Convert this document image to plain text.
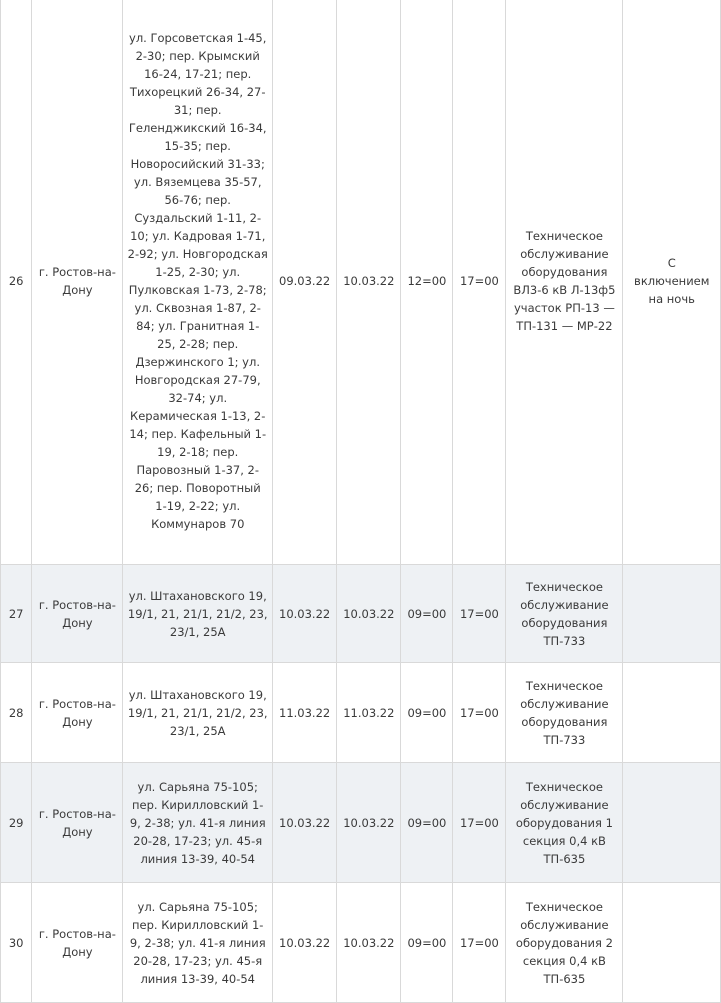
26	г. Ростов-на-Дону	ул. Горсоветская 1-45, 2-30; пер. Крымский 16-24, 17-21; пер. Тихорецкий 26-34, 27-31; пер. Геленджикский 16-34, 15-35; пер. Новоросийский 31-33; ул. Вяземцева 35-57, 56-76; пер. Суздальский 1-11, 2-10; ул. Кадровая 1-71, 2-92; ул. Новгородская 1-25, 2-30; ул. Пулковская 1-73, 2-78; ул. Сквозная 1-87, 2-84; ул. Гранитная 1-25, 2-28; пер. Дзержинского 1; ул. Новгородская 27-79, 32-74; ул. Керамическая 1-13, 2-14; пер. Кафельный 1-19, 2-18; пер. Паровозный 1-37, 2-26; пер. Поворотный 1-19, 2-22; ул. Коммунаров 70	09.03.22	10.03.22	12=00	17=00	Техническое обслуживание оборудования ВЛ3-6 кВ Л-13ф5 участок РП-13 — ТП-131 — МР-22	С включением на ночь
27	г. Ростов-на-Дону	ул. Штахановского 19, 19/1, 21, 21/1, 21/2, 23, 23/1, 25А	10.03.22	10.03.22	09=00	17=00	Техническое обслуживание оборудования ТП-733	
28	г. Ростов-на-Дону	ул. Штахановского 19, 19/1, 21, 21/1, 21/2, 23, 23/1, 25А	11.03.22	11.03.22	09=00	17=00	Техническое обслуживание оборудования ТП-733	
29	г. Ростов-на-Дону	ул. Сарьяна 75-105; пер. Кирилловский 1-9, 2-38; ул. 41-я линия 20-28, 17-23; ул. 45-я линия 13-39, 40-54	10.03.22	10.03.22	09=00	17=00	Техническое обслуживание оборудования 1 секция 0,4 кВ ТП-635	
30	г. Ростов-на-Дону	ул. Сарьяна 75-105; пер. Кирилловский 1-9, 2-38; ул. 41-я линия 20-28, 17-23; ул. 45-я линия 13-39, 40-54	10.03.22	10.03.22	09=00	17=00	Техническое обслуживание оборудования 2 секция 0,4 кВ ТП-635	
